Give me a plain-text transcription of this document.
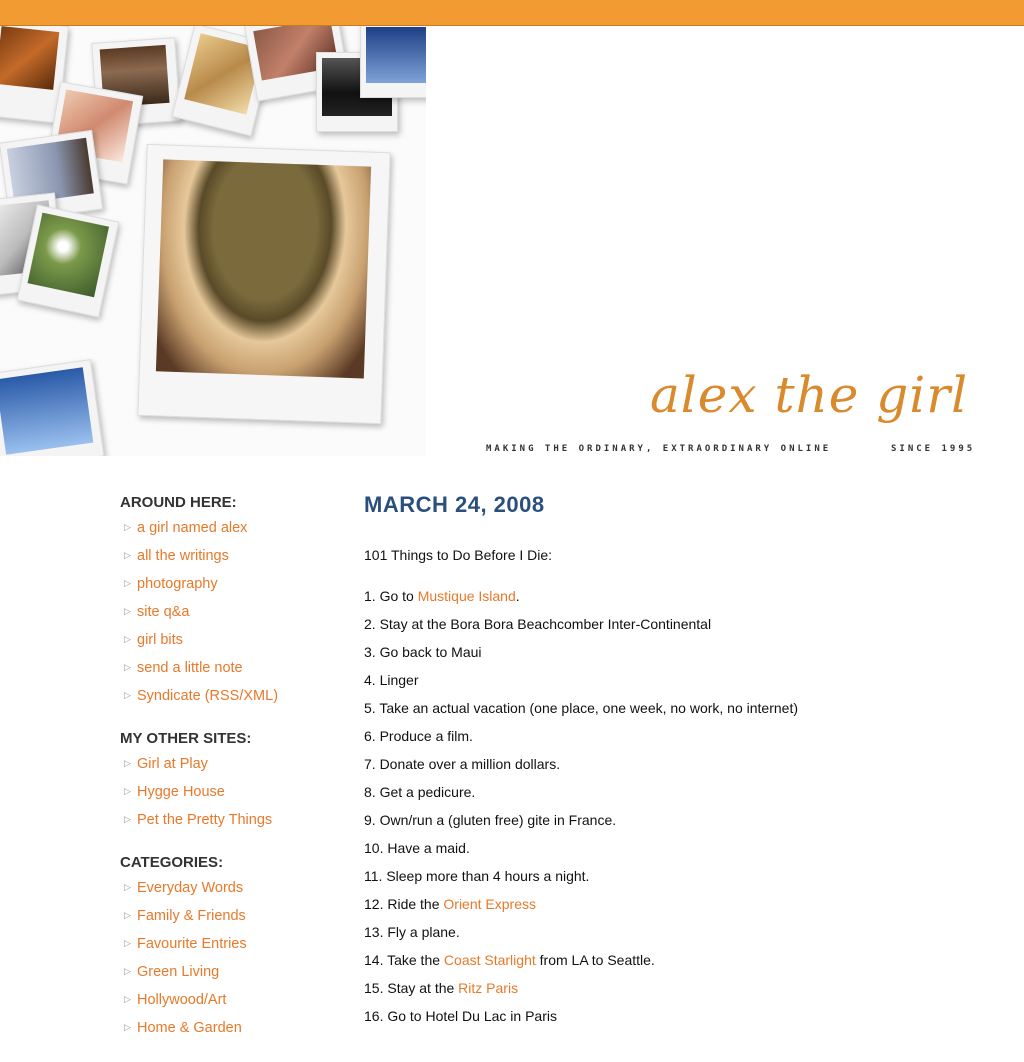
alex the girl
MAKING THE ORDINARY, EXTRAORDINARY ONLINE	SINCE 1995
AROUND HERE:
▷ a girl named alex
▷ all the writings
▷ photography
▷ site q&a
▷ girl bits
▷ send a little note
▷ Syndicate (RSS/XML)
MY OTHER SITES:
▷ Girl at Play
▷ Hygge House
▷ Pet the Pretty Things
CATEGORIES:
▷ Everyday Words
▷ Family & Friends
▷ Favourite Entries
▷ Green Living
▷ Hollywood/Art
▷ Home & Garden
MARCH 24, 2008

101 Things to Do Before I Die:

1. Go to Mustique Island.
2. Stay at the Bora Bora Beachcomber Inter-Continental
3. Go back to Maui
4. Linger
5. Take an actual vacation (one place, one week, no work, no internet)
6. Produce a film.
7. Donate over a million dollars.
8. Get a pedicure.
9. Own/run a (gluten free) gite in France.
10. Have a maid.
11. Sleep more than 4 hours a night.
12. Ride the Orient Express
13. Fly a plane.
14. Take the Coast Starlight from LA to Seattle.
15. Stay at the Ritz Paris
16. Go to Hotel Du Lac in Paris
